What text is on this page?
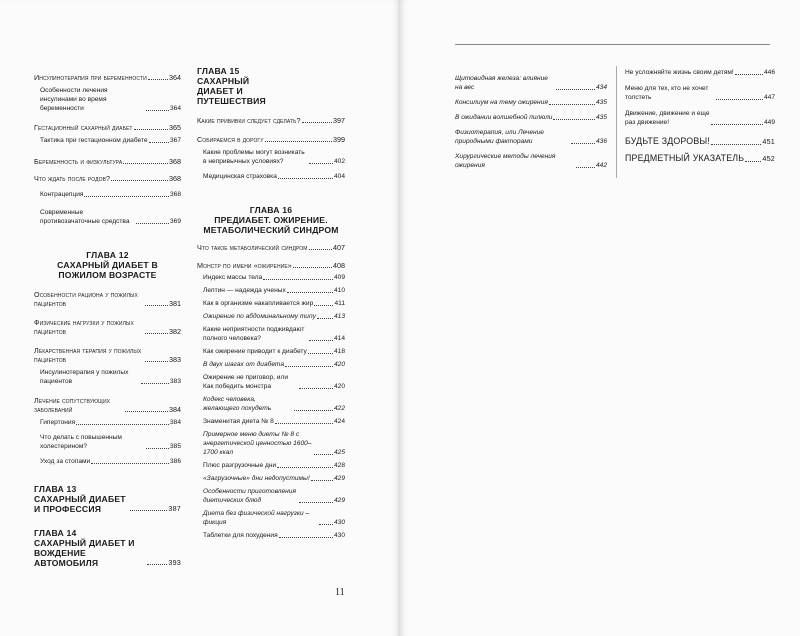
Инсулинотерапия при беременности	364
Особенности лечения инсулинами во время беременности	364
Гестационный сахарный диабет	365
Тактика при гестационном диабете	367
Беременность и физкультура	368
Что ждать после родов?	368
Контрацепция	368
Современные противозачаточные средства	369
ГЛАВА 12
САХАРНЫЙ ДИАБЕТ В ПОЖИЛОМ ВОЗРАСТЕ
Особенности рациона у пожилых пациентов	381
Физические нагрузки у пожилых пациентов	382
Лекарственная терапия у пожилых пациентов	383
Инсулинотерапия у пожилых пациентов	383
Лечение сопутствующих заболеваний	384
Гипертония	384
Что делать с повышенным холестерином?	385
Уход за стопами	386
ГЛАВА 13
САХАРНЫЙ ДИАБЕТ И ПРОФЕССИЯ	387
ГЛАВА 14
САХАРНЫЙ ДИАБЕТ И ВОЖДЕНИЕ АВТОМОБИЛЯ	393
ГЛАВА 15
САХАРНЫЙ ДИАБЕТ И ПУТЕШЕСТВИЯ
Какие прививки следует сделать?	397
Собираемся в дорогу	399
Какие проблемы могут возникать в непривычных условиях?	402
Медицинская страховка	404
ГЛАВА 16
ПРЕДИАБЕТ. ОЖИРЕНИЕ. МЕТАБОЛИЧЕСКИЙ СИНДРОМ
Что такое метаболический синдром	407
Монстр по имени «ожирение»	408
Индекс массы тела	409
Лептин — надежда ученых	410
Как в организме накапливается жир	411
Ожирение по абдоминальному типу	413
Какие неприятности подживдают полного человека?	414
Как ожирение приводит к диабету	418
В двух шагах от диабета	420
Ожирение не приговор, или Как победить монстра	420
Кодекс человека, желающего похудеть	422
Знаменитая диета № 8	424
Примерное меню диеты № 8 с энергетической ценностью 1600–1700 ккал	425
Плюс разгрузочные дни	428
«Загрузочные» дни недопустимы!	429
Особенности приготовления диетических блюд	429
Диета без физической нагрузки – фикция	430
Таблетки для похудения	430
11
Щитовидная железа: влияние на вес	434
Консилиум на тему ожирения	435
В ожидании волшебной пилюли	435
Физиотерапия, или Лечение природными факторами	436
Хирургические методы лечения ожирения	442
Не усложняйте жизнь своим детям!	446
Меню для тех, кто не хочет толстеть	447
Движение, движение и еще раз движение!	449
БУДЬТЕ ЗДОРОВЫ!	451
ПРЕДМЕТНЫЙ УКАЗАТЕЛЬ	452
